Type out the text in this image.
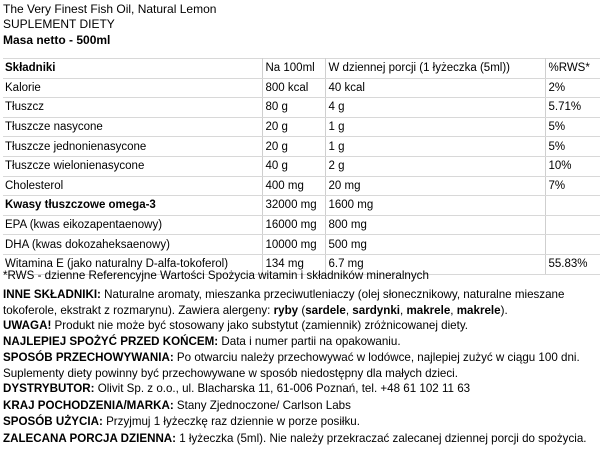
The Very Finest Fish Oil, Natural Lemon
SUPLEMENT DIETY
Masa netto - 500ml
Składniki	Na 100ml	W dziennej porcji (1 łyżeczka (5ml))	%RWS*
Kalorie	800 kcal	40 kcal	2%
Tłuszcz	80 g	4 g	5.71%
Tłuszcze nasycone	20 g	1 g	5%
Tłuszcze jednonienasycone	20 g	1 g	5%
Tłuszcze wielonienasycone	40 g	2 g	10%
Cholesterol	400 mg	20 mg	7%
Kwasy tłuszczowe omega-3	32000 mg	1600 mg	
EPA (kwas eikozapentaenowy)	16000 mg	800 mg	
DHA (kwas dokozaheksaenowy)	10000 mg	500 mg	
Witamina E (jako naturalny D-alfa-tokoferol)	134 mg	6.7 mg	55.83%
*RWS - dzienne Referencyjne Wartości Spożycia witamin i składników mineralnych
INNE SKŁADNIKI: Naturalne aromaty, mieszanka przeciwutleniaczy (olej słonecznikowy, naturalne mieszane tokoferole, ekstrakt z rozmarynu). Zawiera alergeny: ryby (sardele, sardynki, makrele, makrele).
UWAGA! Produkt nie może być stosowany jako substytut (zamiennik) zróżnicowanej diety.
NAJLEPIEJ SPOŻYĆ PRZED KOŃCEM: Data i numer partii na opakowaniu.
SPOSÓB PRZECHOWYWANIA: Po otwarciu należy przechowywać w lodówce, najlepiej zużyć w ciągu 100 dni. Suplementy diety powinny być przechowywane w sposób niedostępny dla małych dzieci.
DYSTRYBUTOR: Olivit Sp. z o.o., ul. Blacharska 11, 61-006 Poznań, tel. +48 61 102 11 63
KRAJ POCHODZENIA/MARKA: Stany Zjednoczone/ Carlson Labs
SPOSÓB UŻYCIA: Przyjmuj 1 łyżeczkę raz dziennie w porze posiłku.
ZALECANA PORCJA DZIENNA: 1 łyżeczka (5ml). Nie należy przekraczać zalecanej dziennej porcji do spożycia.
